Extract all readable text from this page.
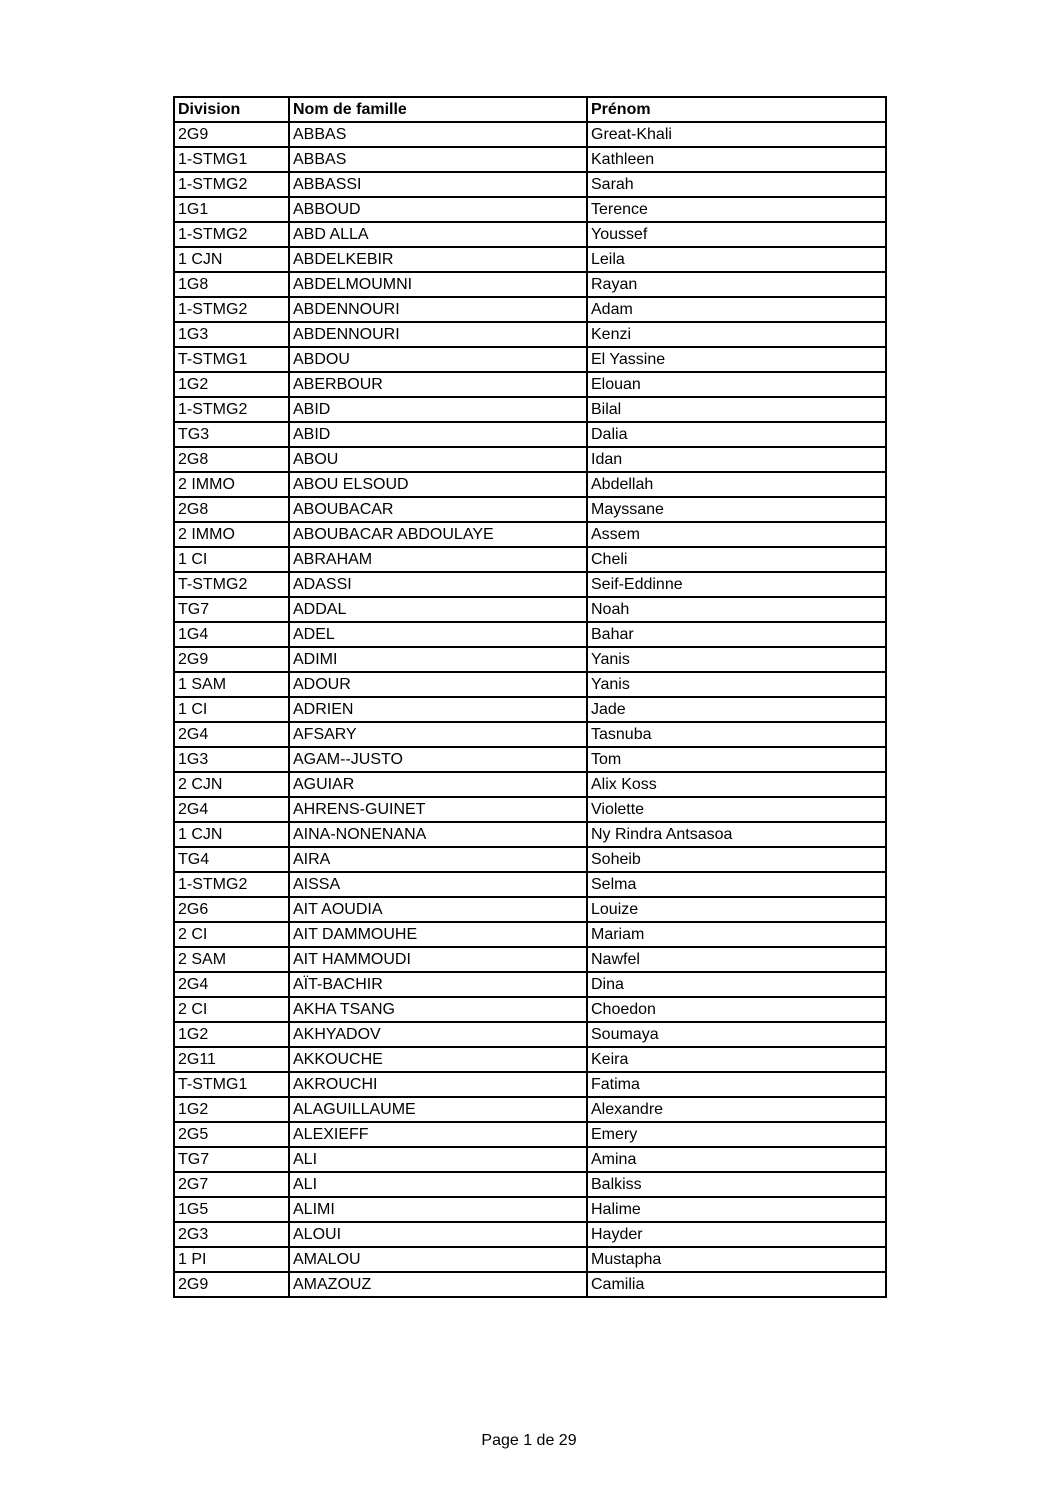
Division	Nom de famille	Prénom
2G9	ABBAS	Great-Khali
1-STMG1	ABBAS	Kathleen
1-STMG2	ABBASSI	Sarah
1G1	ABBOUD	Terence
1-STMG2	ABD ALLA	Youssef
1 CJN	ABDELKEBIR	Leila
1G8	ABDELMOUMNI	Rayan
1-STMG2	ABDENNOURI	Adam
1G3	ABDENNOURI	Kenzi
T-STMG1	ABDOU	El Yassine
1G2	ABERBOUR	Elouan
1-STMG2	ABID	Bilal
TG3	ABID	Dalia
2G8	ABOU	Idan
2 IMMO	ABOU ELSOUD	Abdellah
2G8	ABOUBACAR	Mayssane
2 IMMO	ABOUBACAR ABDOULAYE	Assem
1 CI	ABRAHAM	Cheli
T-STMG2	ADASSI	Seif-Eddinne
TG7	ADDAL	Noah
1G4	ADEL	Bahar
2G9	ADIMI	Yanis
1 SAM	ADOUR	Yanis
1 CI	ADRIEN	Jade
2G4	AFSARY	Tasnuba
1G3	AGAM--JUSTO	Tom
2 CJN	AGUIAR	Alix Koss
2G4	AHRENS-GUINET	Violette
1 CJN	AINA-NONENANA	Ny Rindra Antsasoa
TG4	AIRA	Soheib
1-STMG2	AISSA	Selma
2G6	AIT AOUDIA	Louize
2 CI	AIT DAMMOUHE	Mariam
2 SAM	AIT HAMMOUDI	Nawfel
2G4	AÏT-BACHIR	Dina
2 CI	AKHA TSANG	Choedon
1G2	AKHYADOV	Soumaya
2G11	AKKOUCHE	Keira
T-STMG1	AKROUCHI	Fatima
1G2	ALAGUILLAUME	Alexandre
2G5	ALEXIEFF	Emery
TG7	ALI	Amina
2G7	ALI	Balkiss
1G5	ALIMI	Halime
2G3	ALOUI	Hayder
1 PI	AMALOU	Mustapha
2G9	AMAZOUZ	Camilia
Page 1 de 29
